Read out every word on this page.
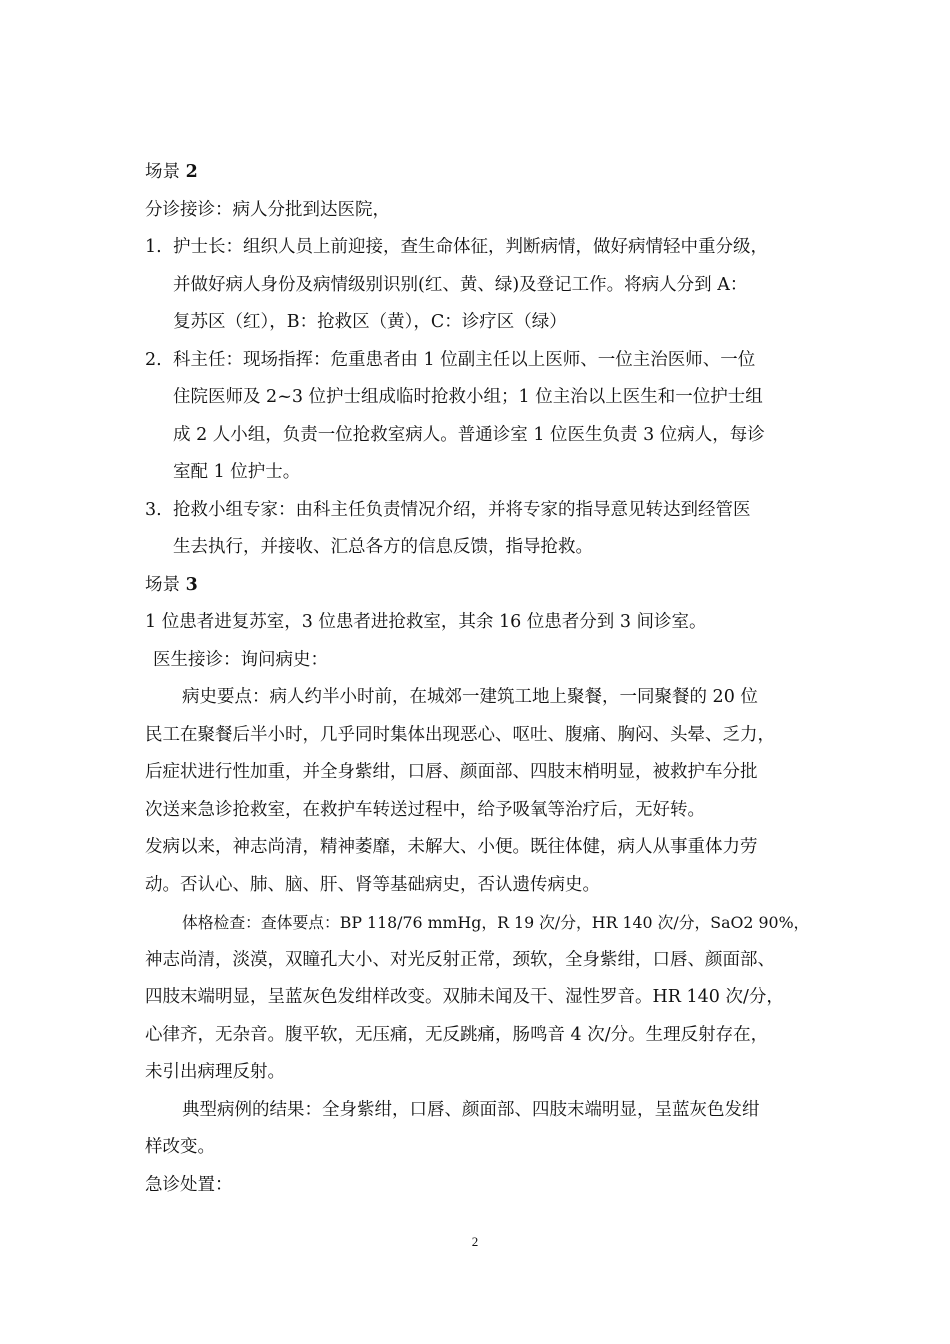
场景 2
分诊接诊：病人分批到达医院，
1. 护士长：组织人员上前迎接，查生命体征，判断病情，做好病情轻中重分级，
并做好病人身份及病情级别识别(红、黄、绿)及登记工作。将病人分到 A：
复苏区（红），B：抢救区（黄），C：诊疗区（绿）
2. 科主任：现场指挥：危重患者由 1 位副主任以上医师、一位主治医师、一位
住院医师及 2~3 位护士组成临时抢救小组；1 位主治以上医生和一位护士组
成 2 人小组，负责一位抢救室病人。普通诊室 1 位医生负责 3 位病人，每诊
室配 1 位护士。
3. 抢救小组专家：由科主任负责情况介绍，并将专家的指导意见转达到经管医
生去执行，并接收、汇总各方的信息反馈，指导抢救。
场景 3
1 位患者进复苏室，3 位患者进抢救室，其余 16 位患者分到 3 间诊室。
医生接诊：询问病史：
病史要点：病人约半小时前，在城郊一建筑工地上聚餐，一同聚餐的 20 位
民工在聚餐后半小时，几乎同时集体出现恶心、呕吐、腹痛、胸闷、头晕、乏力，
后症状进行性加重，并全身紫绀，口唇、颜面部、四肢末梢明显，被救护车分批
次送来急诊抢救室，在救护车转送过程中，给予吸氧等治疗后，无好转。
发病以来，神志尚清，精神萎靡，未解大、小便。既往体健，病人从事重体力劳
动。否认心、肺、脑、肝、肾等基础病史，否认遗传病史。
体格检查：查体要点：BP 118/76 mmHg，R 19 次/分，HR 140 次/分，SaO2 90%，
神志尚清，淡漠，双瞳孔大小、对光反射正常，颈软，全身紫绀，口唇、颜面部、
四肢末端明显，呈蓝灰色发绀样改变。双肺未闻及干、湿性罗音。HR 140 次/分，
心律齐，无杂音。腹平软，无压痛，无反跳痛，肠鸣音 4 次/分。生理反射存在，
未引出病理反射。
典型病例的结果：全身紫绀，口唇、颜面部、四肢末端明显，呈蓝灰色发绀
样改变。
急诊处置：
2
